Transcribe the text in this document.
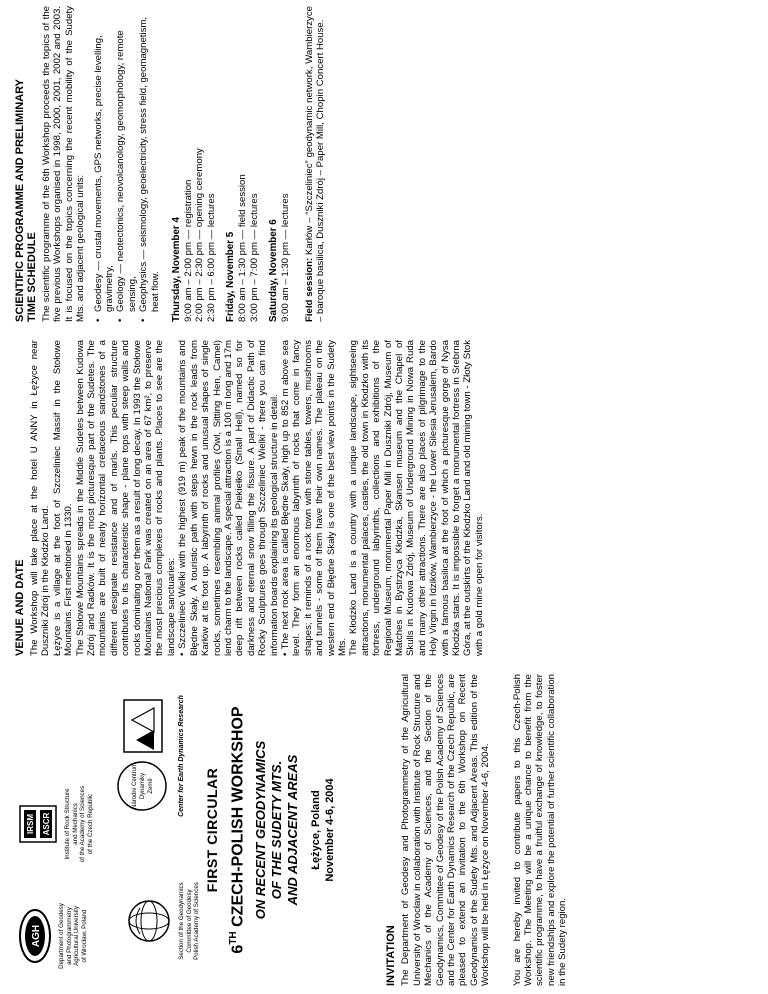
AGH	Department of Geodesy and Photogrammetry Agricultural University of Wrocław, Poland
IRSM ASCR Institute of Rock Structure and Mechanics of the Academy of Sciences of the Czech Republic
Section of the Geodynamics Committee of Geodesy Polish Academy of Sciences
Národní Centrum Dynamiky Země	Center for Earth Dynamics Research
FIRST CIRCULAR
6TH CZECH-POLISH WORKSHOP ON RECENT GEODYNAMICS OF THE SUDETY MTS. AND ADJACENT AREAS Łężyce, Poland November 4-6, 2004
INVITATION The Department of Geodesy and Photogrammetry of the Agricultural University of Wrocław in collaboration with Institute of Rock Structure and Mechanics of the Academy of Sciences, and the Section of the Geodynamics, Committee of Geodesy of the Polish Academy of Sciences and the Center for Earth Dynamics Research of the Czech Republic, are pleased to extend an invitation to the 6th Workshop on Recent Geodynamics of the Sudety Mts. and Adjacent Areas. This edition of the Workshop will be held in Łężyce on November 4-6, 2004. You are hereby invited to contribute papers to this Czech-Polish Workshop. The Meeting will be a unique chance to benefit from the scientific programme, to have a fruitful exchange of knowledge, to foster new friendships and explore the potential of further scientific collaboration in the Sudety region.

VENUE AND DATE The Workshop will take place at the hotel U ANNY in Łężyce near Duszniki Zdrój in the Kłodzko Land. Łężyce is a village at the foot of Szczeliniec Massif in the Stołowe Mountains. First mentioned in 1330. The Stołowe Mountains spreads in the Middle Sudetes between Kudowa Zdrój and Radków. It is the most picturesque part of the Sudetes. The mountains are built of nearly horizontal cretaceous sandstones of a different designate resistance and of marls. This peculiar structure contributes to its characteristic shape - plane tops with steep walls and rocks dominating over them as a result of long decay. In 1993 the Stołowe Mountains National Park was created on an area of 67 km², to preserve the most precious complexes of rocks and plants. Places to see are the landscape sanctuaries: • Szczeliniec Wielki with the highest (919 m) peak of the mountains and Błędne Skały. A touristic path with steps hewn in the rock leads from Karłów at its foot up. A labyrinth of rocks and unusual shapes of single rocks, sometimes resembling animal profiles (Owl, Sitting Hen, Camel) lend charm to the landscape. A special attraction is a 100 m long and 17m deep rift between rocks called Piekiełko (Small Hell), named so for darkness and eternal snow filling the fissure. A part of Didactic Path of Rocky Sculptures goes through Szczeliniec Wielki - there you can find information boards explaining its geological structure in detail. • The next rock area is called Błędne Skały, high up to 852 m above sea level. They form an enormous labyrinth of rocks that come in fancy shapes; it reminds of a rock town with stone tables, towers, mushrooms and tunnels - some of them have their own names. The plateau on the western end of Błędne Skały is one of the best view points in the Sudety Mts. The Kłodzko Land is a country with a unique landscape, sightseeing attractions, monumental palaces, castles, the old town in Kłodzko with its fortress, underground labyrinths, collections and exhibitions of the Regional Museum, monumental Paper Mill in Duszniki Zdrój, Museum of Matches in Bystrzyca Kłodzka, Skansen museum and the Chapel of Skulls in Kudowa Zdrój, Museum of Underground Mining in Nowa Ruda and many other attractions. There are also places of pilgrimage to the Holy Virgin in Idzików, Wambierzyce - the Lower Silesia Jerusalem, Bardo with a famous basilica at the foot of which a picturesque gorge of Nysa Kłodzka starts. It is impossible to forget a monumental fortress in Srebrna Góra, at the outskirts of the Kłodzko Land and old mining town - Złoty Stok with a gold mine open for visitors.

SCIENTIFIC PROGRAMME AND PRELIMINARY TIME SCHEDULE The scientific programme of the 6th Workshop proceeds the topics of the five previous Workshops organised in 1998, 2000, 2001, 2002 and 2003. It is focused on the topics concerning the recent mobility of the Sudety Mts. and adjacent geological units: • Geodesy — crustal movements, GPS networks, precise levelling, gravimetry, • Geology — neotectonics, neovolcanology, geomorphology, remote sensing, • Geophysics — seismology, geoelectricity, stress field, geomagnetism, heat flow. Thursday, November 4 9:00 am – 2:00 pm — registration 2:00 pm – 2:30 pm — opening ceremony 2:30 pm – 6:00 pm — lectures Friday, November 5 8:00 am – 1:30 pm — field session 3:00 pm – 7:00 pm — lectures Saturday, November 6 9:00 am – 1:30 pm — lectures Field session: Karłów – “Szczeliniec” geodynamic network, Wambierzyce – baroque basilica, Duszniki Zdrój – Paper Mill, Chopin Concert House.
